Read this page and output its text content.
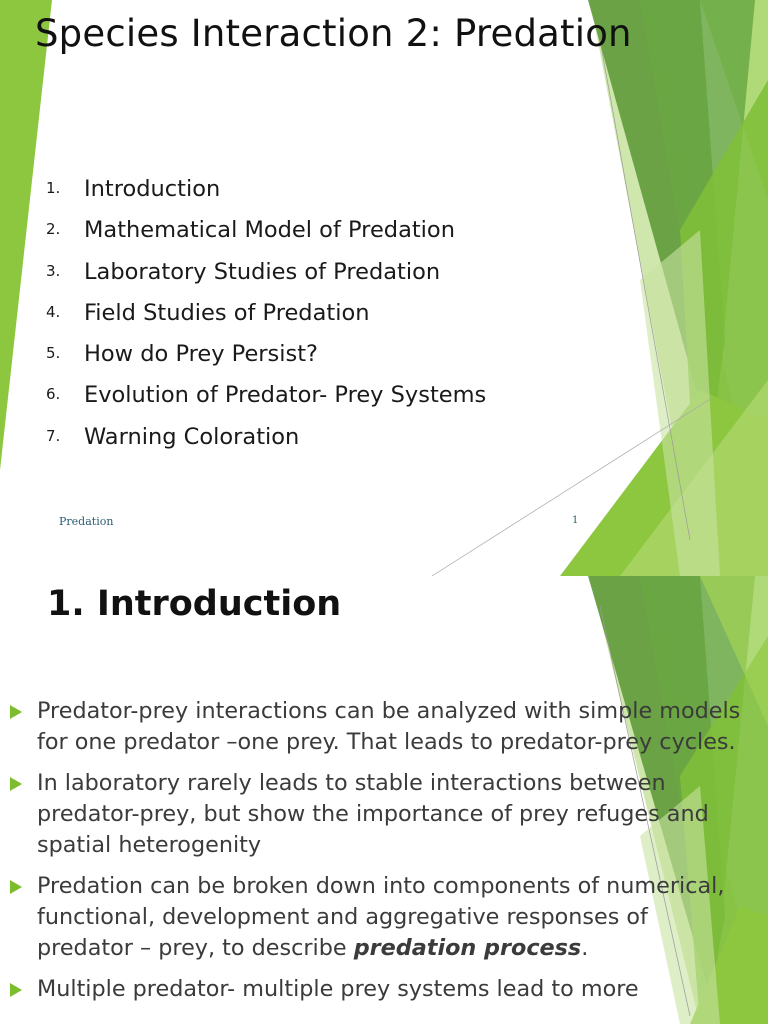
Species Interaction 2: Predation
1.	Introduction
2.	Mathematical Model of Predation
3.	Laboratory Studies of Predation
4.	Field Studies of Predation
5.	How do Prey Persist?
6.	Evolution of Predator- Prey Systems
7.	Warning Coloration
Predation	1
1. Introduction
Predator-prey interactions can be analyzed with simple models for one predator –one prey. That leads to predator-prey cycles.
In laboratory rarely leads to stable interactions between predator-prey, but show the importance of prey refuges and spatial heterogenity
Predation can be broken down into components of numerical, functional, development and aggregative responses of predator – prey, to describe predation process.
Multiple predator- multiple prey systems lead to more
